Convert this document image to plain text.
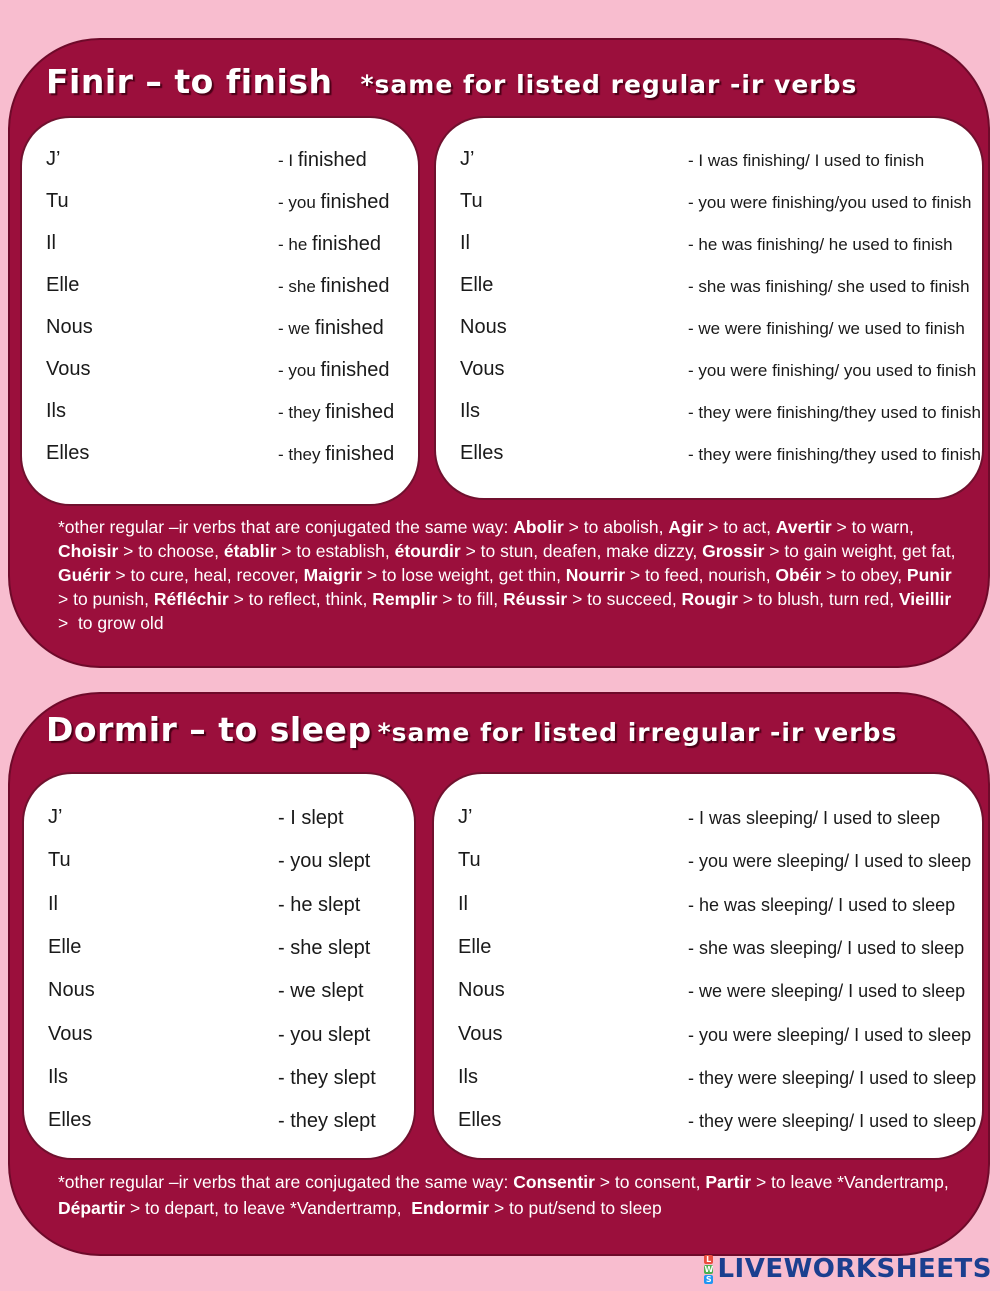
Finir – to finish *same for listed regular -ir verbs
J’	- I finished
Tu	- you finished
Il	- he finished
Elle	- she finished
Nous	- we finished
Vous	- you finished
Ils	- they finished
Elles	- they finished
J’	- I was finishing/ I used to finish
Tu	- you were finishing/you used to finish
Il	- he was finishing/ he used to finish
Elle	- she was finishing/ she used to finish
Nous	- we were finishing/ we used to finish
Vous	- you were finishing/ you used to finish
Ils	- they were finishing/they used to finish
Elles	- they were finishing/they used to finish
*other regular –ir verbs that are conjugated the same way: Abolir > to abolish, Agir > to act, Avertir > to warn, Choisir > to choose, établir > to establish, étourdir > to stun, deafen, make dizzy, Grossir > to gain weight, get fat, Guérir > to cure, heal, recover, Maigrir > to lose weight, get thin, Nourrir > to feed, nourish, Obéir > to obey, Punir > to punish, Réfléchir > to reflect, think, Remplir > to fill, Réussir > to succeed, Rougir > to blush, turn red, Vieillir >  to grow old
Dormir – to sleep *same for listed irregular -ir verbs
J’	- I slept
Tu	- you slept
Il	- he slept
Elle	- she slept
Nous	- we slept
Vous	- you slept
Ils	- they slept
Elles	- they slept
J’	- I was sleeping/ I used to sleep
Tu	- you were sleeping/ I used to sleep
Il	- he was sleeping/ I used to sleep
Elle	- she was sleeping/ I used to sleep
Nous	- we were sleeping/ I used to sleep
Vous	- you were sleeping/ I used to sleep
Ils	- they were sleeping/ I used to sleep
Elles	- they were sleeping/ I used to sleep
*other regular –ir verbs that are conjugated the same way: Consentir > to consent, Partir > to leave *Vandertramp, Départir > to depart, to leave *Vandertramp,  Endormir > to put/send to sleep
L
W
S LIVEWORKSHEETS
